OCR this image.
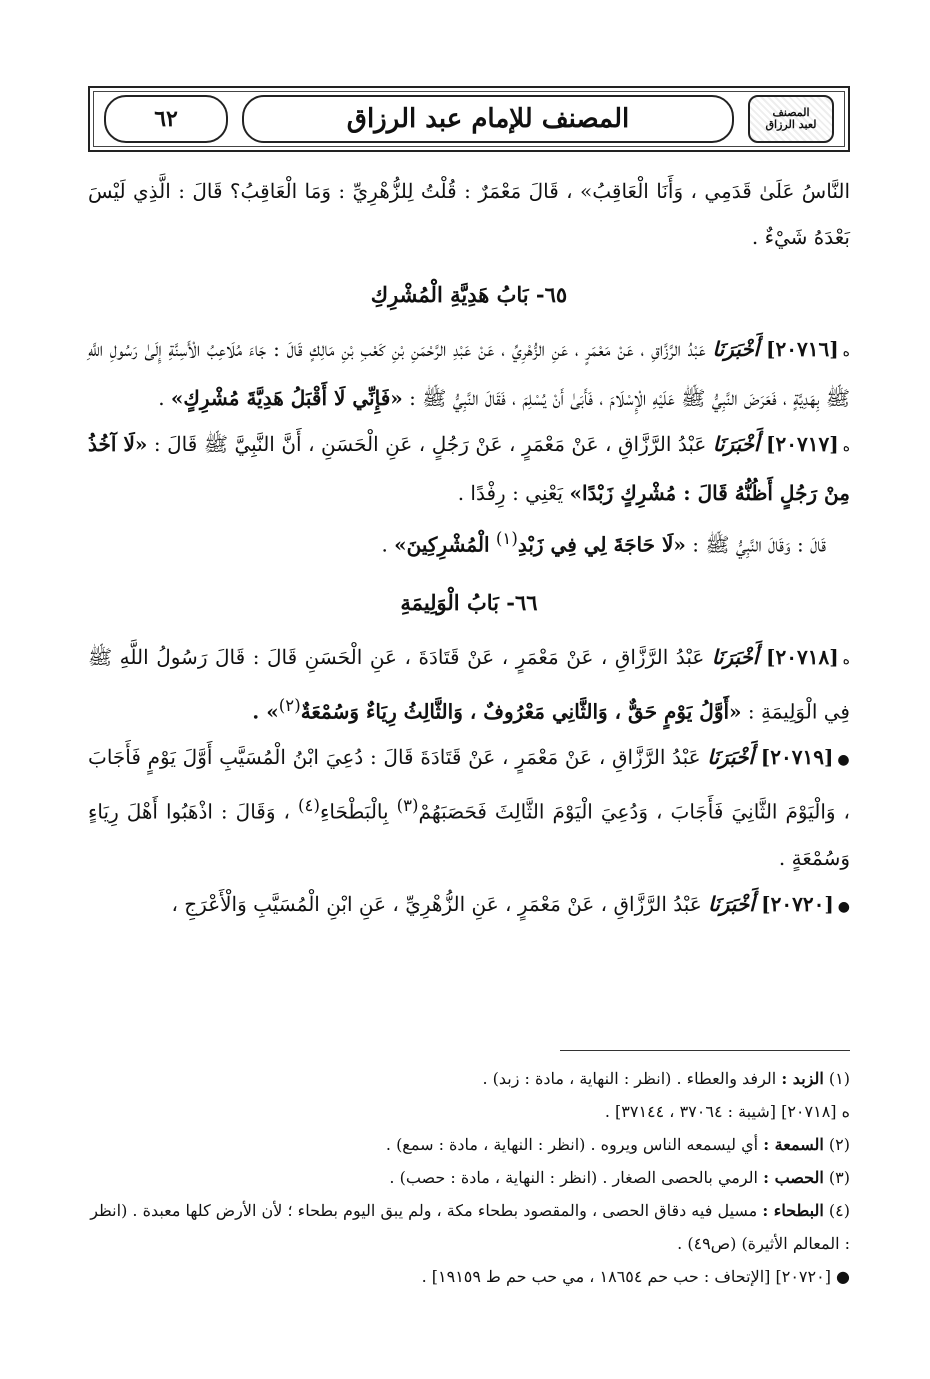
المصنف
لعبد الرزاق
المصنف للإمام عبد الرزاق
٦٢

النَّاسُ عَلَىٰ قَدَمِي ، وَأَنَا الْعَاقِبُ» ، قَالَ مَعْمَرٌ : قُلْتُ لِلزُّهْرِيِّ : وَمَا الْعَاقِبُ؟ قَالَ : الَّذِي لَيْسَ بَعْدَهُ شَيْءٌ .

٦٥- بَابُ هَدِيَّةِ الْمُشْرِكِ

ه[٢٠٧١٦] أَخْبَرَنَا عَبْدُ الرَّزَّاقِ ، عَنْ مَعْمَرٍ ، عَنِ الزُّهْرِيِّ ، عَنْ عَبْدِ الرَّحْمَنِ بْنِ كَعْبِ بْنِ مَالِكٍ قَالَ : جَاءَ مُلَاعِبُ الْأَسِنَّةِ إِلَىٰ رَسُولِ اللَّهِ ﷺ بِهَدِيَّةٍ ، فَعَرَضَ النَّبِيُّ ﷺ عَلَيْهِ الْإِسْلَامَ ، فَأَبَىٰ أَنْ يُسْلِمَ ، فَقَالَ النَّبِيُّ ﷺ : «فَإِنِّي لَا أَقْبَلُ هَدِيَّةَ مُشْرِكٍ» .

ه[٢٠٧١٧] أَخْبَرَنَا عَبْدُ الرَّزَّاقِ ، عَنْ مَعْمَرٍ ، عَنْ رَجُلٍ ، عَنِ الْحَسَنِ ، أَنَّ النَّبِيَّ ﷺ قَالَ : «لَا آخُذُ مِنْ رَجُلٍ أَظُنُّهُ قَالَ : مُشْرِكٍ زَبْدًا» يَعْنِي : رِفْدًا .

قَالَ : وَقَالَ النَّبِيُّ ﷺ : «لَا حَاجَةَ لِي فِي زَبْدِ$^{(١)}$ الْمُشْرِكِينَ» .

٦٦- بَابُ الْوَلِيمَةِ

ه[٢٠٧١٨] أَخْبَرَنَا عَبْدُ الرَّزَّاقِ ، عَنْ مَعْمَرٍ ، عَنْ قَتَادَةَ ، عَنِ الْحَسَنِ قَالَ : قَالَ رَسُولُ اللَّهِ ﷺ فِي الْوَلِيمَةِ : «أَوَّلُ يَوْمٍ حَقٌّ ، وَالثَّانِي مَعْرُوفٌ ، وَالثَّالِثُ رِيَاءٌ وَسُمْعَةٌ$^{(٢)}$» .

●[٢٠٧١٩] أَخْبَرَنَا عَبْدُ الرَّزَّاقِ ، عَنْ مَعْمَرٍ ، عَنْ قَتَادَةَ قَالَ : دُعِيَ ابْنُ الْمُسَيَّبِ أَوَّلَ يَوْمٍ فَأَجَابَ ، وَالْيَوْمَ الثَّانِيَ فَأَجَابَ ، وَدُعِيَ الْيَوْمَ الثَّالِثَ فَحَصَبَهُمْ$^{(٣)}$ بِالْبَطْحَاءِ$^{(٤)}$ ، وَقَالَ : اذْهَبُوا أَهْلَ رِيَاءٍ وَسُمْعَةٍ .

●[٢٠٧٢٠] أَخْبَرَنَا عَبْدُ الرَّزَّاقِ ، عَنْ مَعْمَرٍ ، عَنِ الزُّهْرِيِّ ، عَنِ ابْنِ الْمُسَيَّبِ وَالْأَعْرَجِ ،

(١) الزبد : الرفد والعطاء . (انظر : النهاية ، مادة : زبد) .

ه [٢٠٧١٨] [شيبة : ٣٧٠٦٤ ، ٣٧١٤٤] .

(٢) السمعة : أي ليسمعه الناس ويروه . (انظر : النهاية ، مادة : سمع) .

(٣) الحصب : الرمي بالحصى الصغار . (انظر : النهاية ، مادة : حصب) .

(٤) البطحاء : مسيل فيه دقاق الحصى ، والمقصود بطحاء مكة ، ولم يبق اليوم بطحاء ؛ لأن الأرض كلها معبدة . (انظر : المعالم الأثيرة) (ص٤٩) .

● [٢٠٧٢٠] [الإتحاف : حب حم ١٨٦٥٤ ، مي حب حم ط ١٩١٥٩] .
